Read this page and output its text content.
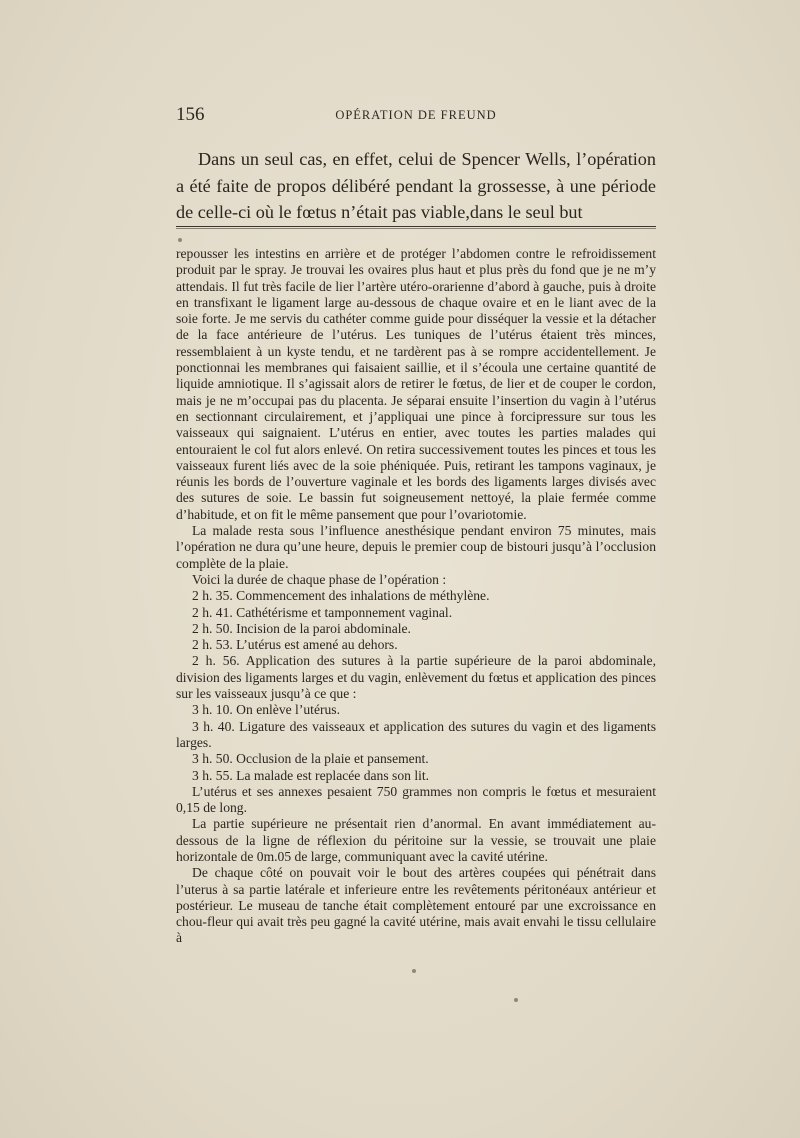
156	OPÉRATION DE FREUND

Dans un seul cas, en effet, celui de Spencer Wells, l’opération a été faite de propos délibéré pendant la grossesse, à une période de celle-ci où le fœtus n’était pas viable,dans le seul but

repousser les intestins en arrière et de protéger l’abdomen contre le refroidissement produit par le spray. Je trouvai les ovaires plus haut et plus près du fond que je ne m’y attendais. Il fut très facile de lier l’artère utéro-orarienne d’abord à gauche, puis à droite en transfixant le ligament large au-dessous de chaque ovaire et en le liant avec de la soie forte. Je me servis du cathéter comme guide pour disséquer la vessie et la détacher de la face antérieure de l’utérus. Les tuniques de l’utérus étaient très minces, ressemblaient à un kyste tendu, et ne tardèrent pas à se rompre accidentellement. Je ponctionnai les membranes qui faisaient saillie, et il s’écoula une certaine quantité de liquide amniotique. Il s’agissait alors de retirer le fœtus, de lier et de couper le cordon, mais je ne m’occupai pas du placenta. Je séparai ensuite l’insertion du vagin à l’utérus en sectionnant circulairement, et j’appliquai une pince à forcipressure sur tous les vaisseaux qui saignaient. L’utérus en entier, avec toutes les parties malades qui entouraient le col fut alors enlevé. On retira successivement toutes les pinces et tous les vaisseaux furent liés avec de la soie phéniquée. Puis, retirant les tampons vaginaux, je réunis les bords de l’ouverture vaginale et les bords des ligaments larges divisés avec des sutures de soie. Le bassin fut soigneusement nettoyé, la plaie fermée comme d’habitude, et on fit le même pansement que pour l’ovariotomie.

La malade resta sous l’influence anesthésique pendant environ 75 minutes, mais l’opération ne dura qu’une heure, depuis le premier coup de bistouri jusqu’à l’occlusion complète de la plaie.

Voici la durée de chaque phase de l’opération :

2 h. 35. Commencement des inhalations de méthylène.

2 h. 41. Cathétérisme et tamponnement vaginal.

2 h. 50. Incision de la paroi abdominale.

2 h. 53. L’utérus est amené au dehors.

2 h. 56. Application des sutures à la partie supérieure de la paroi abdominale, division des ligaments larges et du vagin, enlèvement du fœtus et application des pinces sur les vaisseaux jusqu’à ce que :

3 h. 10. On enlève l’utérus.

3 h. 40. Ligature des vaisseaux et application des sutures du vagin et des ligaments larges.

3 h. 50. Occlusion de la plaie et pansement.

3 h. 55. La malade est replacée dans son lit.

L’utérus et ses annexes pesaient 750 grammes non compris le fœtus et mesuraient 0,15 de long.

La partie supérieure ne présentait rien d’anormal. En avant immédiatement au-dessous de la ligne de réflexion du péritoine sur la vessie, se trouvait une plaie horizontale de 0m.05 de large, communiquant avec la cavité utérine.

De chaque côté on pouvait voir le bout des artères coupées qui pénétrait dans l’uterus à sa partie latérale et inferieure entre les revêtements péritonéaux antérieur et postérieur. Le museau de tanche était complètement entouré par une excroissance en chou-fleur qui avait très peu gagné la cavité utérine, mais avait envahi le tissu cellulaire à
